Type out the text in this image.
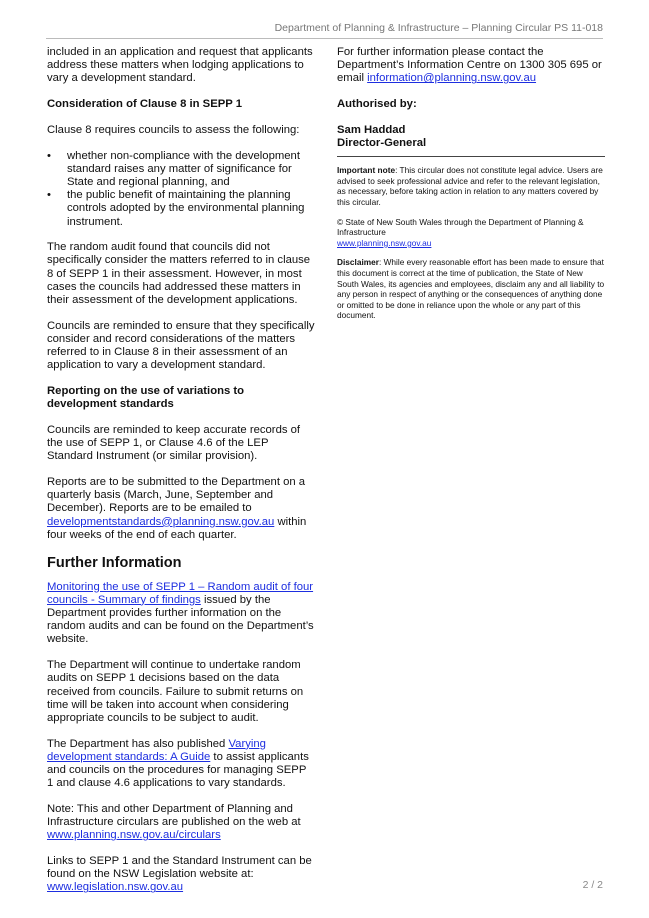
Department of Planning & Infrastructure – Planning Circular PS 11-018

included in an application and request that applicants address these matters when lodging applications to vary a development standard.

Consideration of Clause 8 in SEPP 1

Clause 8 requires councils to assess the following:

• whether non-compliance with the development standard raises any matter of significance for State and regional planning, and
• the public benefit of maintaining the planning controls adopted by the environmental planning instrument.

The random audit found that councils did not specifically consider the matters referred to in clause 8 of SEPP 1 in their assessment. However, in most cases the councils had addressed these matters in their assessment of the development applications.

Councils are reminded to ensure that they specifically consider and record considerations of the matters referred to in Clause 8 in their assessment of an application to vary a development standard.

Reporting on the use of variations to development standards

Councils are reminded to keep accurate records of the use of SEPP 1, or Clause 4.6 of the LEP Standard Instrument (or similar provision).

Reports are to be submitted to the Department on a quarterly basis (March, June, September and December). Reports are to be emailed to
developmentstandards@planning.nsw.gov.au within four weeks of the end of each quarter.

Further Information

Monitoring the use of SEPP 1 – Random audit of four councils - Summary of findings issued by the Department provides further information on the random audits and can be found on the Department’s website.

The Department will continue to undertake random audits on SEPP 1 decisions based on the data received from councils. Failure to submit returns on time will be taken into account when considering appropriate councils to be subject to audit.

The Department has also published Varying development standards: A Guide to assist applicants and councils on the procedures for managing SEPP 1 and clause 4.6 applications to vary standards.

Note: This and other Department of Planning and Infrastructure circulars are published on the web at
www.planning.nsw.gov.au/circulars

Links to SEPP 1 and the Standard Instrument can be found on the NSW Legislation website at:
www.legislation.nsw.gov.au

For further information please contact the Department’s Information Centre on 1300 305 695 or email information@planning.nsw.gov.au

Authorised by:

Sam Haddad
Director-General

Important note: This circular does not constitute legal advice. Users are advised to seek professional advice and refer to the relevant legislation, as necessary, before taking action in relation to any matters covered by this circular.

© State of New South Wales through the Department of Planning & Infrastructure
www.planning.nsw.gov.au

Disclaimer: While every reasonable effort has been made to ensure that this document is correct at the time of publication, the State of New South Wales, its agencies and employees, disclaim any and all liability to any person in respect of anything or the consequences of anything done or omitted to be done in reliance upon the whole or any part of this document.

2 / 2
